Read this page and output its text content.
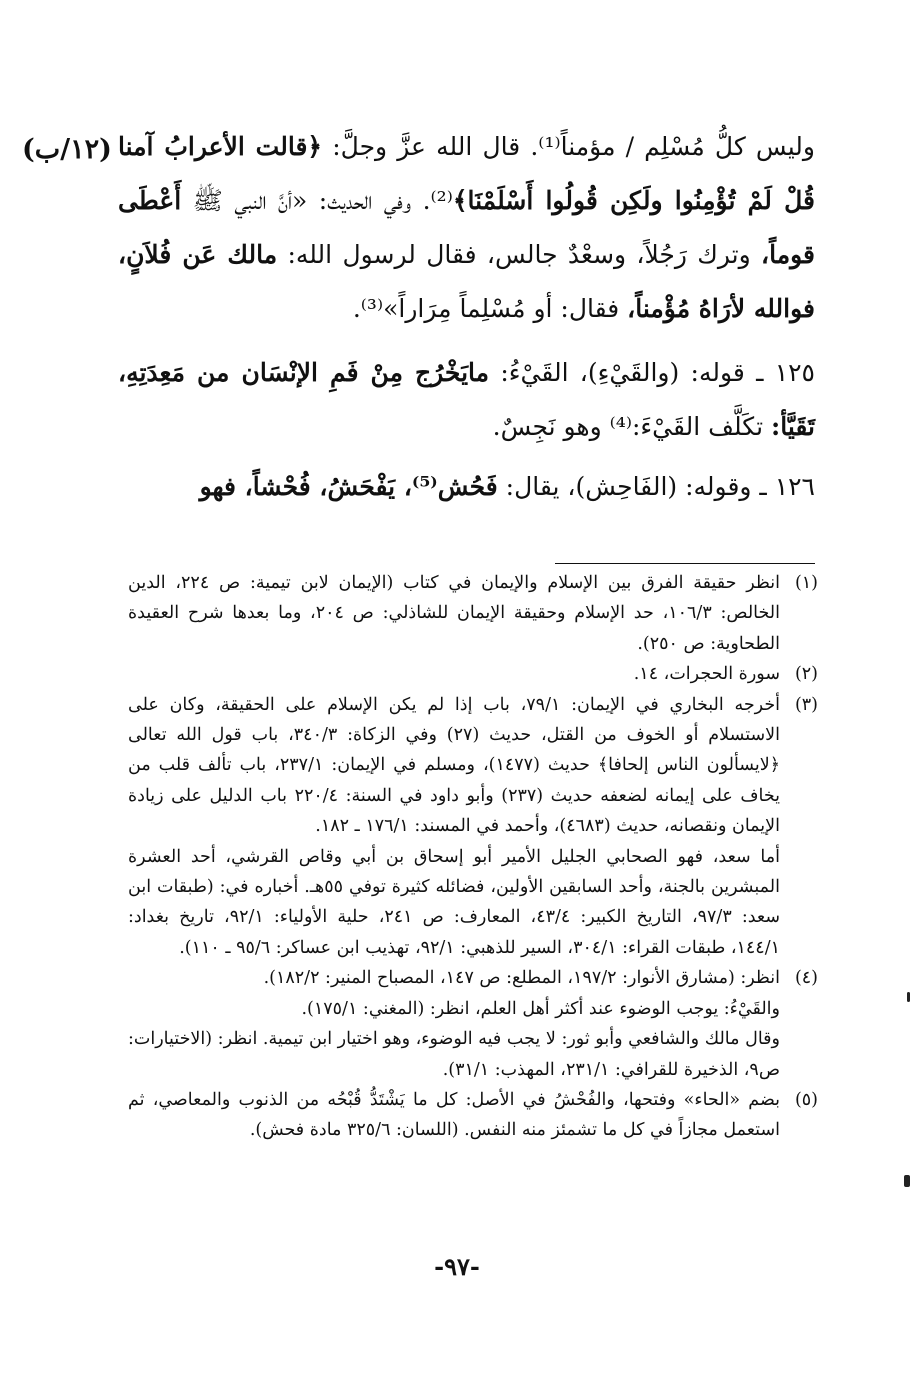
(١٢/ب)	وليس كلُّ مُسْلِم / مؤمناً⁽¹⁾. قال الله عزَّ وجلَّ: ﴿قالت الأعرابُ آمنا قُلْ لَمْ تُؤْمِنُوا ولَكِن قُولُوا أَسْلَمْنَا﴾⁽²⁾. وفي الحديث: «أنَّ النبي ﷺ أَعْطَى قوماً، وترك رَجُلاً، وسعْدٌ جالس، فقال لرسول الله: مالك عَن فُلاَنٍ، فوالله لأرَاهُ مُؤْمناً، فقال: أو مُسْلِماً مِرَاراً»⁽³⁾.

١٢٥ ـ قوله: (والقَيْءِ)، القَيْءُ: مايَخْرُج مِنْ فَمِ الإنْسَان من مَعِدَتِهِ، تَقَيَّأ: تكَلَّف القَيْءَ:⁽⁴⁾ وهو نَجِسٌ.

١٢٦ ـ وقوله: (الفَاحِش)، يقال: فَحُش⁽⁵⁾، يَفْحَشُ، فُحْشاً، فهو

(١)

انظر حقيقة الفرق بين الإسلام والإيمان في كتاب (الإيمان لابن تيمية: ص ٢٢٤، الدين الخالص: ١٠٦/٣، حد الإسلام وحقيقة الإيمان للشاذلي: ص ٢٠٤، وما بعدها شرح العقيدة الطحاوية: ص ٢٥٠).

(٢)

سورة الحجرات، ١٤.

(٣)

أخرجه البخاري في الإيمان: ٧٩/١، باب إذا لم يكن الإسلام على الحقيقة، وكان على الاستسلام أو الخوف من القتل، حديث (٢٧) وفي الزكاة: ٣٤٠/٣، باب قول الله تعالى ﴿لايسألون الناس إلحافا﴾ حديث (١٤٧٧)، ومسلم في الإيمان: ٢٣٧/١، باب تألف قلب من يخاف على إيمانه لضعفه حديث (٢٣٧) وأبو داود في السنة: ٢٢٠/٤ باب الدليل على زيادة الإيمان ونقصانه، حديث (٤٦٨٣)، وأحمد في المسند: ١٧٦/١ ـ ١٨٢.

أما سعد، فهو الصحابي الجليل الأمير أبو إسحاق بن أبي وقاص القرشي، أحد العشرة المبشرين بالجنة، وأحد السابقين الأولين، فضائله كثيرة توفي ٥٥هـ. أخباره في: (طبقات ابن سعد: ٩٧/٣، التاريخ الكبير: ٤٣/٤، المعارف: ص ٢٤١، حلية الأولياء: ٩٢/١، تاريخ بغداد: ١٤٤/١، طبقات القراء: ٣٠٤/١، السير للذهبي: ٩٢/١، تهذيب ابن عساكر: ٩٥/٦ ـ ١١٠).

(٤)

انظر: (مشارق الأنوار: ١٩٧/٢، المطلع: ص ١٤٧، المصباح المنير: ١٨٢/٢).

والقَيْءُ: يوجب الوضوء عند أكثر أهل العلم، انظر: (المغني: ١٧٥/١).

وقال مالك والشافعي وأبو ثور: لا يجب فيه الوضوء، وهو اختيار ابن تيمية. انظر: (الاختيارات: ص٩، الذخيرة للقرافي: ٢٣١/١، المهذب: ٣١/١).

(٥)

بضم «الحاء» وفتحها، والفُحْشُ في الأصل: كل ما يَشْتَدُّ قُبْحُه من الذنوب والمعاصي، ثم استعمل مجازاً في كل ما تشمئز منه النفس. (اللسان: ٣٢٥/٦ مادة فحش).

-٩٧-
